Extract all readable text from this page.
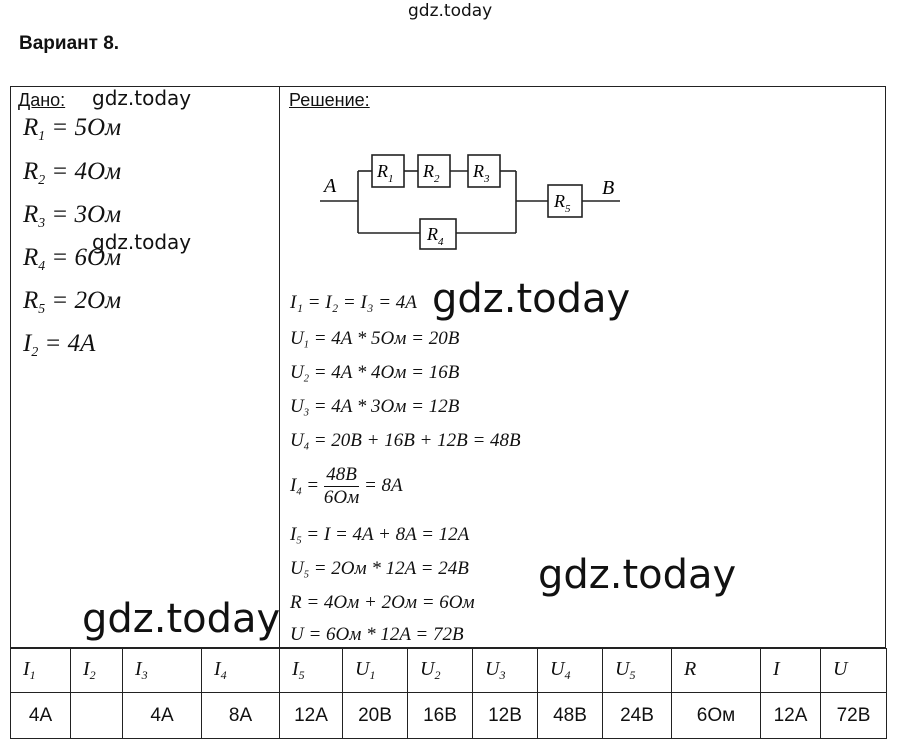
gdz.today
Вариант 8.
Дано: gdz.today
$R_1 = 5Ом$
$R_2 = 4Ом$
$R_3 = 3Ом$
$R_4 = 6Ом$
gdz.today
$R_5 = 2Ом$
$I_2 = 4A$
Решение:
A	B
$R_1$ $R_2$ $R_3$
$R_4$
$R_5$
I₁ = I₂ = I₃ = 4A gdz.today
$U_1 = 4A * 5Ом = 20B$
$U_2 = 4A * 4Ом = 16B$
$U_3 = 4A * 3Ом = 12B$
$U_4 = 20B + 16B + 12B = 48B$
$I_4 = \frac{48B}{6Ом} = 8A$
$I_5 = I = 4A + 8A = 12A$
$U_5 = 2Ом * 12A = 24B$ gdz.today
R = 4Ом + 2Ом = 6Ом
gdz.today U = 6Ом * 12A = 72B
$I_1$	$I_2$	$I_3$	$I_4$	$I_5$	$U_1$	$U_2$	$U_3$	$U_4$	$U_5$	R	I	U
4A		4A	8A	12A	20B	16B	12B	48B	24B	6Ом	12A	72B
